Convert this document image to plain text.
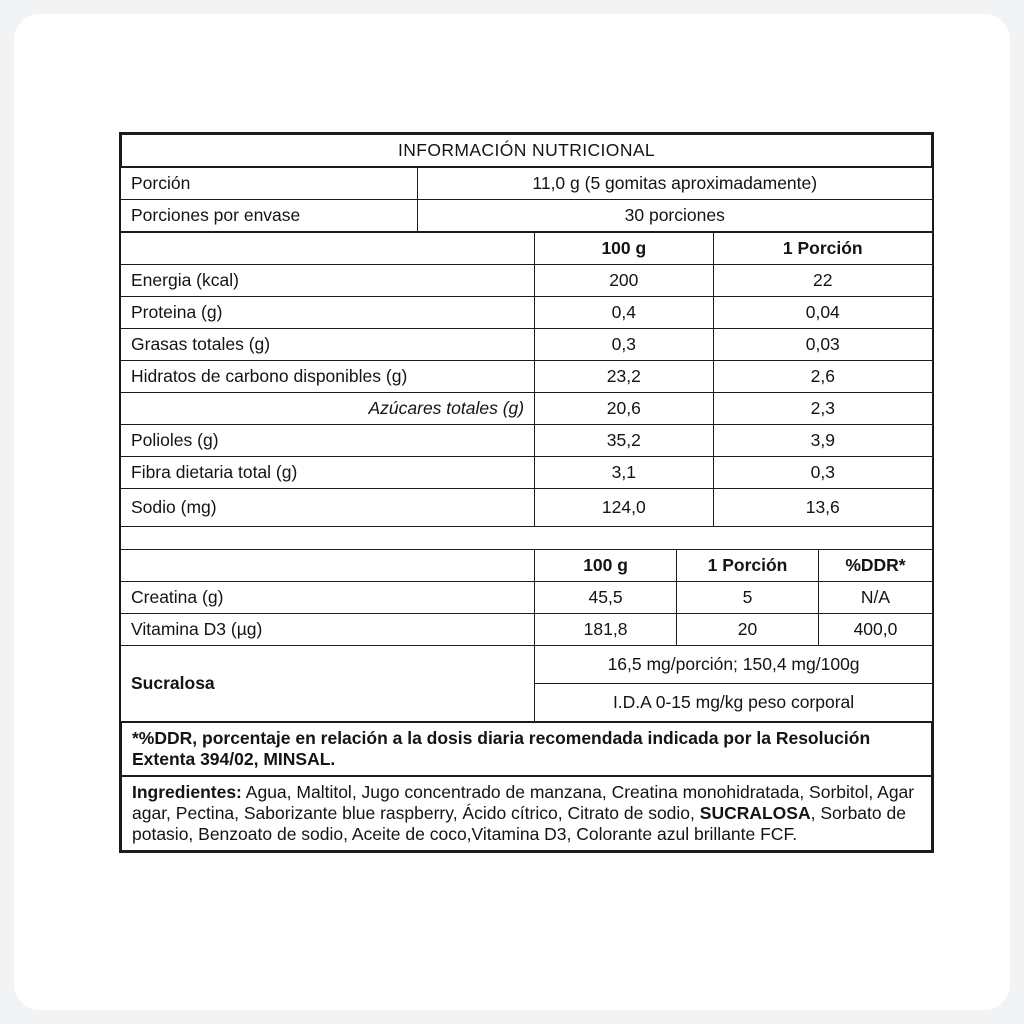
INFORMACIÓN NUTRICIONAL
Porción	11,0 g (5 gomitas aproximadamente)
Porciones por envase	30 porciones
	100 g	1 Porción
Energia (kcal)	200	22
Proteina (g)	0,4	0,04
Grasas totales (g)	0,3	0,03
Hidratos de carbono disponibles (g)	23,2	2,6
Azúcares totales (g)	20,6	2,3
Polioles (g)	35,2	3,9
Fibra dietaria total (g)	3,1	0,3
Sodio (mg)	124,0	13,6
	100 g	1 Porción	%DDR*
Creatina (g)	45,5	5	N/A
Vitamina D3 (µg)	181,8	20	400,0
Sucralosa	16,5 mg/porción; 150,4 mg/100g		
	I.D.A 0-15 mg/kg peso corporal		
*%DDR, porcentaje en relación a la dosis diaria recomendada indicada por la Resolución Extenta 394/02, MINSAL.
Ingredientes: Agua, Maltitol, Jugo concentrado de manzana, Creatina monohidratada, Sorbitol, Agar agar, Pectina, Saborizante blue raspberry, Ácido cítrico, Citrato de sodio, SUCRALOSA, Sorbato de potasio, Benzoato de sodio, Aceite de coco,Vitamina D3, Colorante azul brillante FCF.
